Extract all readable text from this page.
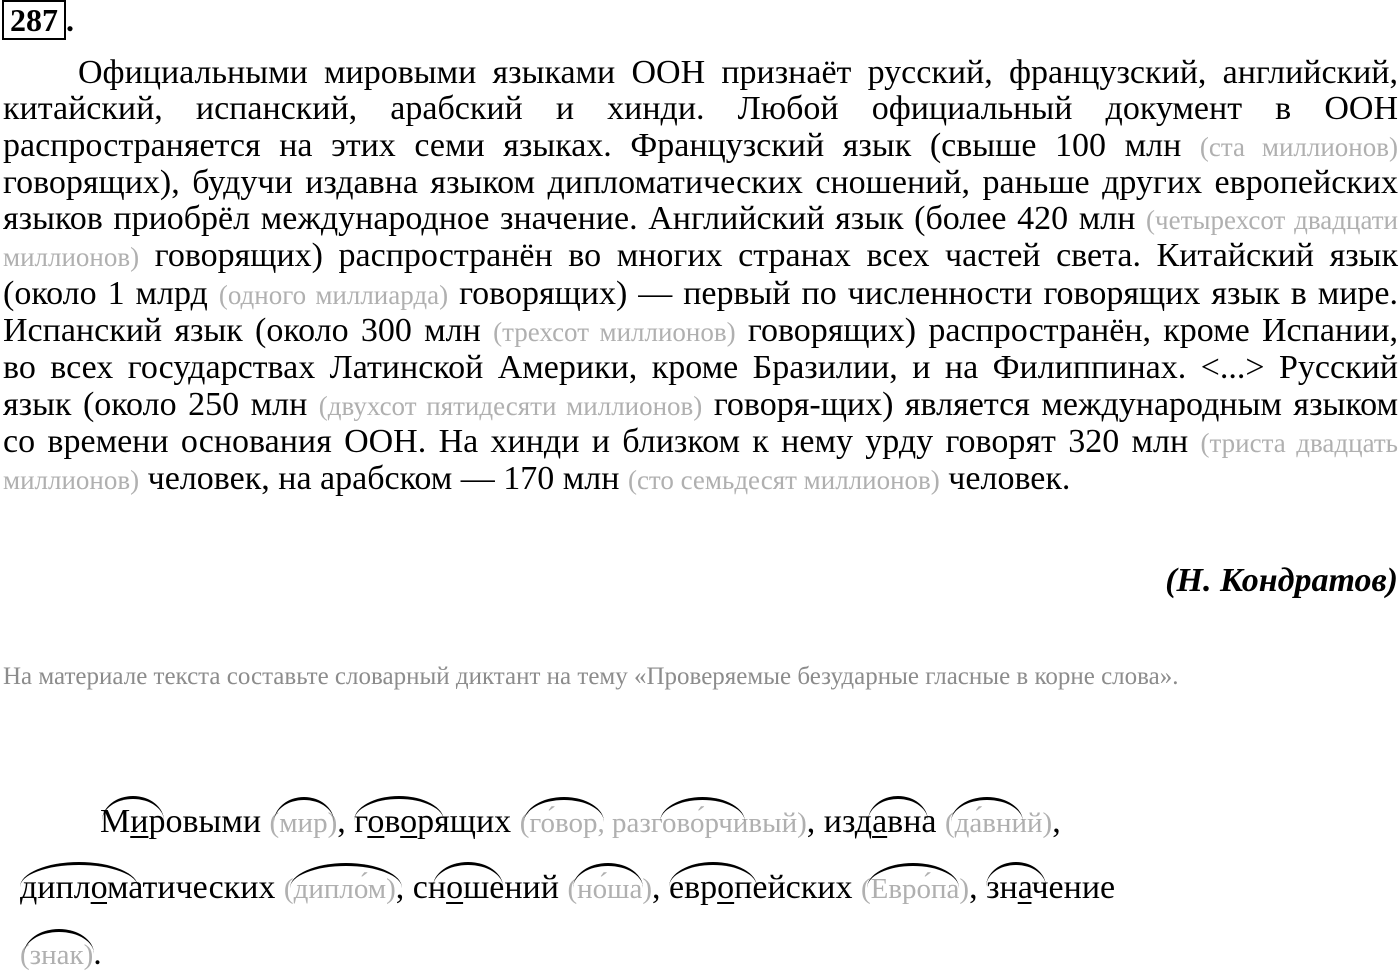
287 .

Официальными мировыми языками ООН признаёт русский, французский, английский, китайский, испанский, арабский и хинди. Любой официальный документ в ООН распространяется на этих семи языках. Французский язык (свыше 100 млн (ста миллионов) говорящих), будучи издавна языком дипломатических сношений, раньше других европейских языков приобрёл международное значение. Английский язык (более 420 млн (четырехсот двадцати миллионов) говорящих) распространён во многих странах всех частей света. Китайский язык (около 1 млрд (одного миллиарда) говорящих) — первый по численности говорящих язык в мире. Испанский язык (около 300 млн (трехсот миллионов) говорящих) распространён, кроме Испании, во всех государствах Латинской Америки, кроме Бразилии, и на Филиппинах. <...> Русский язык (около 250 млн (двухсот пятидесяти миллионов) говоря-щих) является международным языком со времени основания ООН. На хинди и близком к нему урду говорят 320 млн (триста двадцать миллионов) человек, на арабском — 170 млн (сто семьдесят миллионов) человек.

(Н. Кондратов)

На материале текста составьте словарный диктант на тему «Проверяемые безударные гласные в корне слова».

Мировыми (мир), говорящих (го́вор, разгово́рчивый), издавна (да́вний),
дипломатических (дипло́м), сношений (но́ша), европейских (Евро́па), значение
(знак).
